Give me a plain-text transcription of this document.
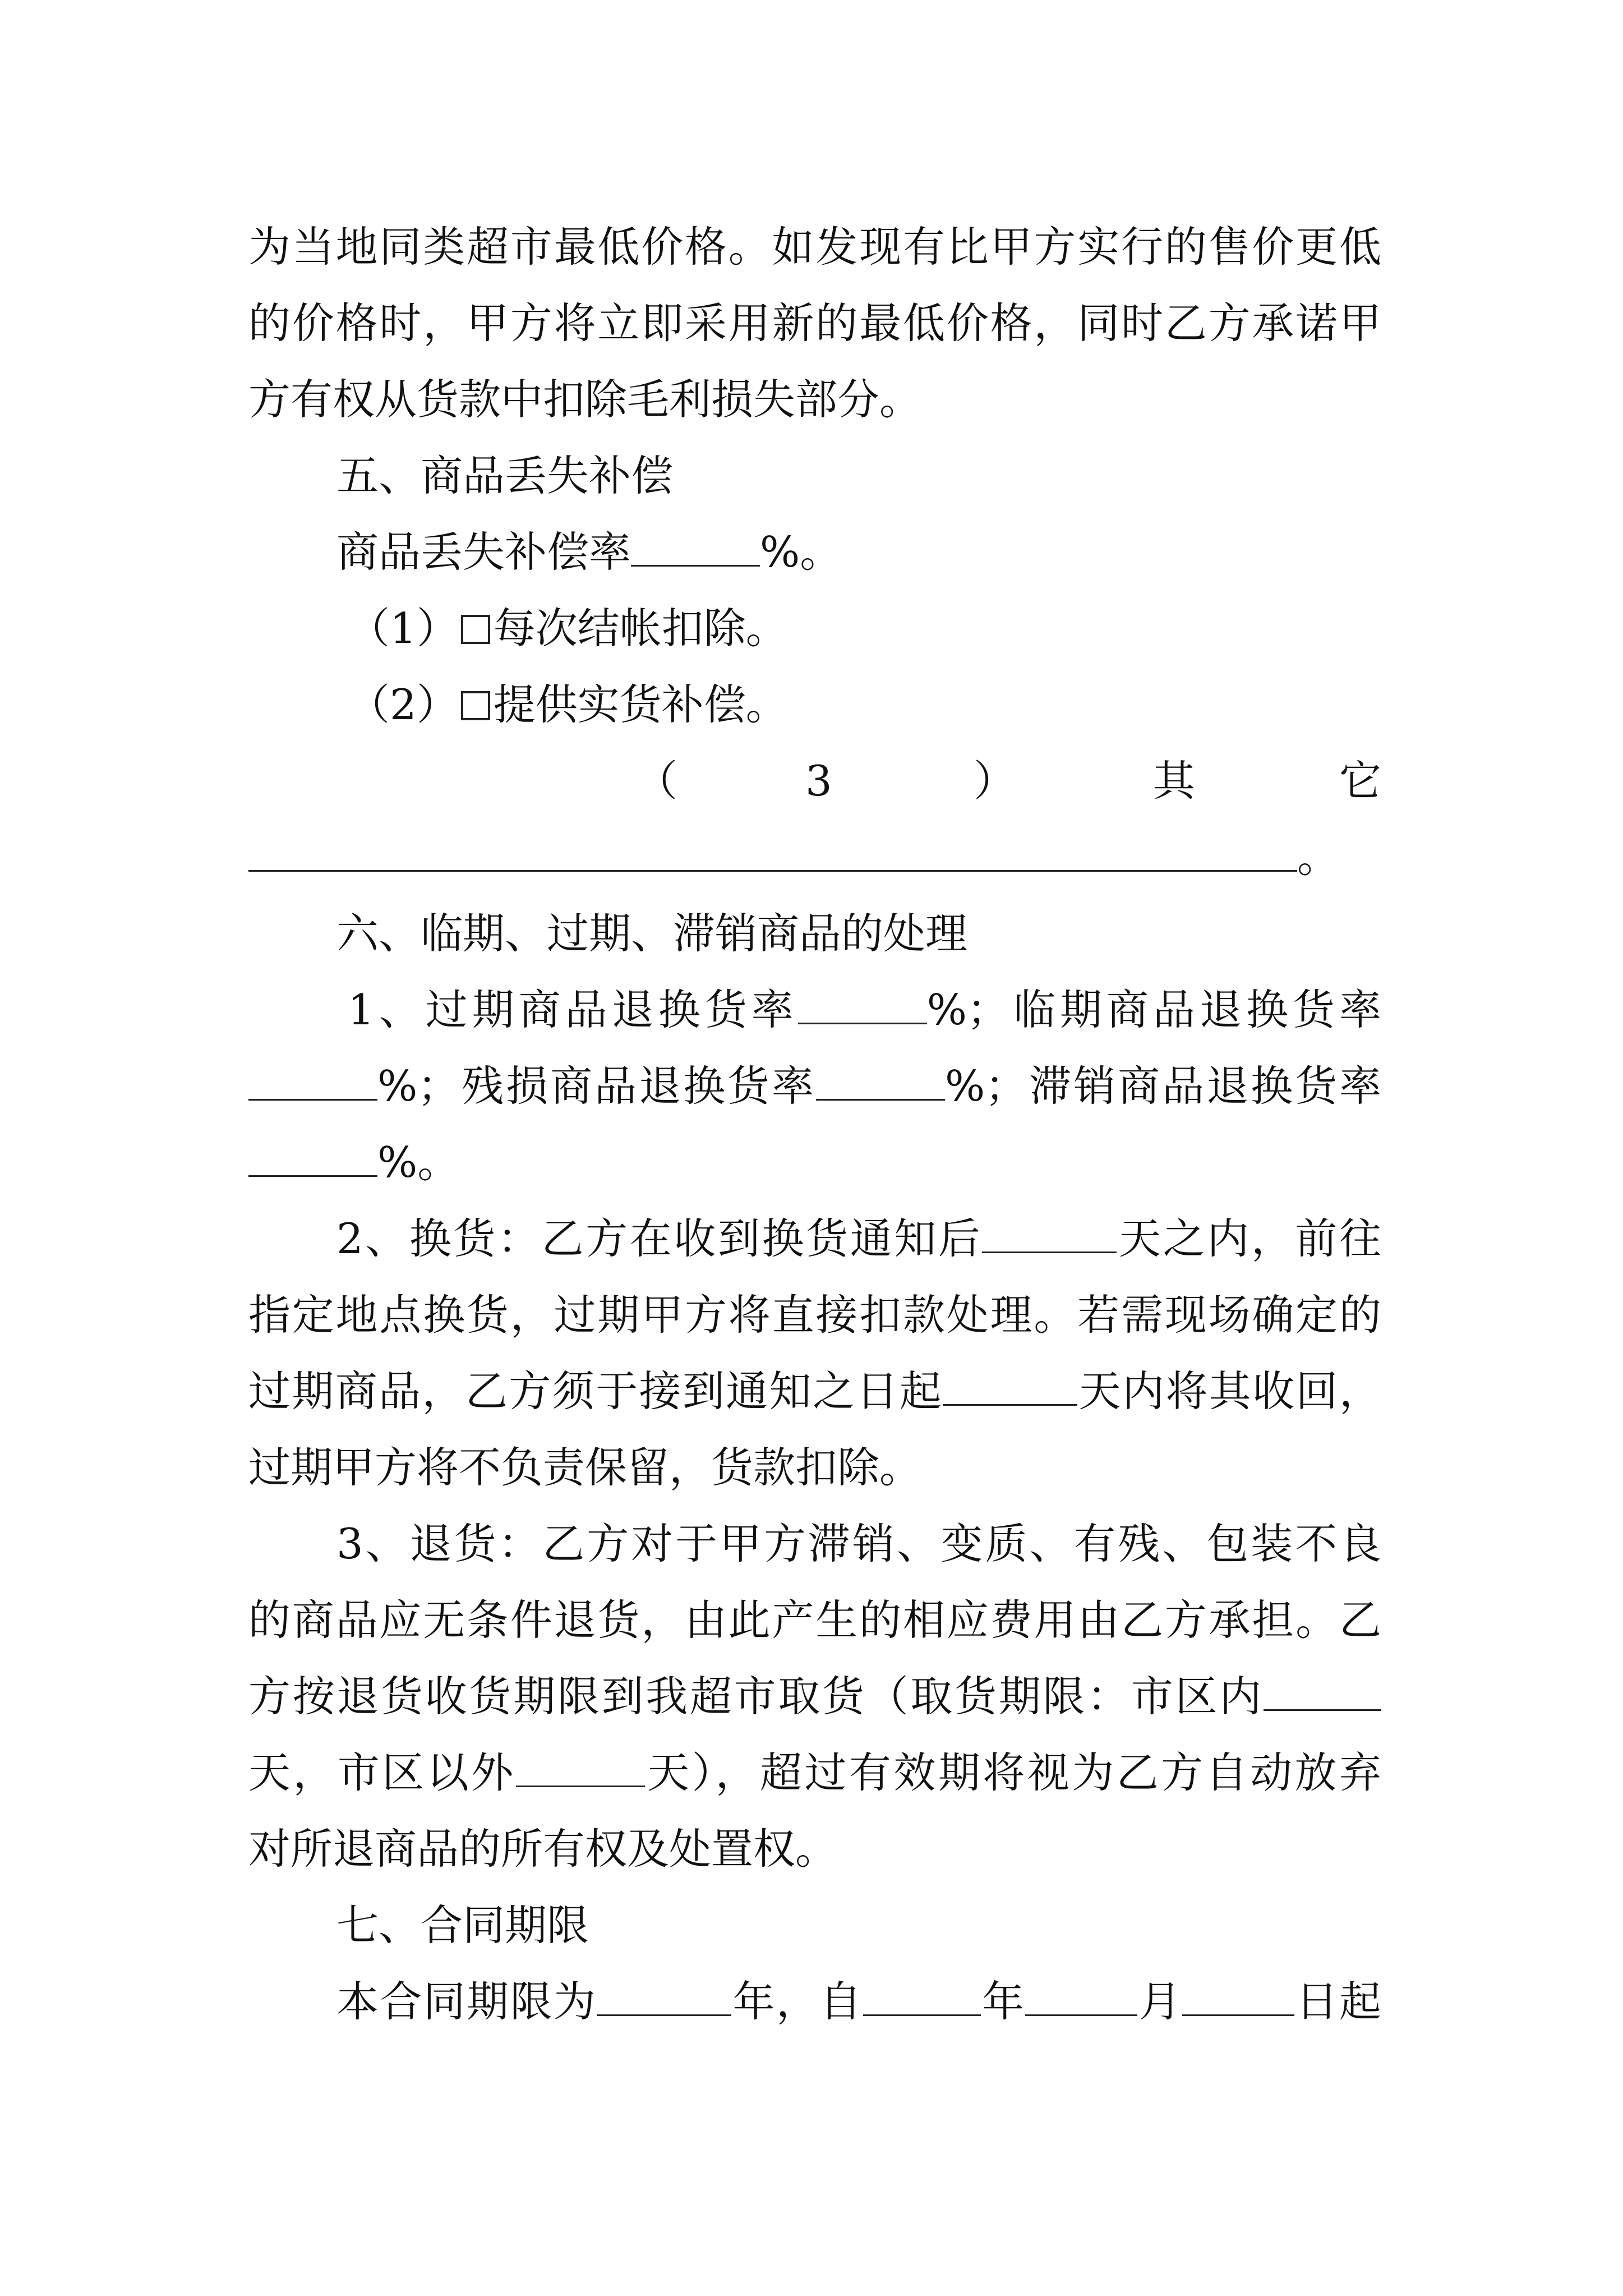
为当地同类超市最低价格。如发现有比甲方实行的售价更低
的价格时，甲方将立即采用新的最低价格，同时乙方承诺甲
方有权从货款中扣除毛利损失部分。
五、商品丢失补偿
商品丢失补偿率	%。
（1） 每次结帐扣除。
（2） 提供实货补偿。
（	3	）	其	它
。
六、临期、过期、滞销商品的处理
1、过期商品退换货率	%；临期商品退换货率
%；残损商品退换货率	%；滞销商品退换货率
%。
2、换货：乙方在收到换货通知后	天之内，前往
指定地点换货，过期甲方将直接扣款处理。若需现场确定的
过期商品，乙方须于接到通知之日起	天内将其收回，
过期甲方将不负责保留，货款扣除。
3、退货：乙方对于甲方滞销、变质、有残、包装不良
的商品应无条件退货，由此产生的相应费用由乙方承担。乙
方按退货收货期限到我超市取货（取货期限：市区内
天，市区以外	天），超过有效期将视为乙方自动放弃
对所退商品的所有权及处置权。
七、合同期限
本合同期限为	年，自	年	月	日起
